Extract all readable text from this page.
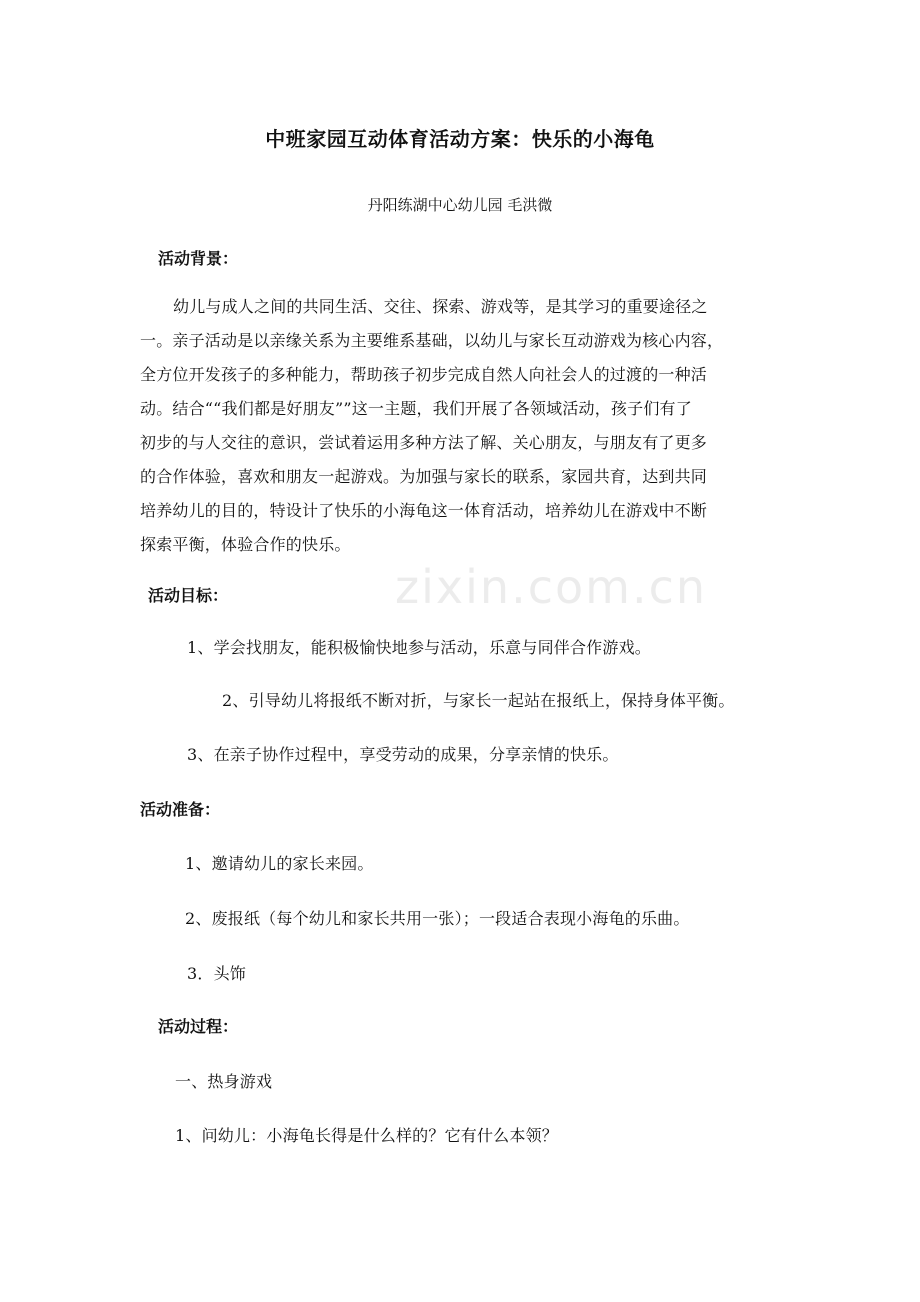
zixin.com.cn
中班家园互动体育活动方案：快乐的小海龟
丹阳练湖中心幼儿园 毛洪微
活动背景：
幼儿与成人之间的共同生活、交往、探索、游戏等，是其学习的重要途径之
一。亲子活动是以亲缘关系为主要维系基础，以幼儿与家长互动游戏为核心内容，
全方位开发孩子的多种能力，帮助孩子初步完成自然人向社会人的过渡的一种活
动。结合““我们都是好朋友””这一主题，我们开展了各领域活动，孩子们有了
初步的与人交往的意识，尝试着运用多种方法了解、关心朋友，与朋友有了更多
的合作体验，喜欢和朋友一起游戏。为加强与家长的联系，家园共育，达到共同
培养幼儿的目的，特设计了快乐的小海龟这一体育活动，培养幼儿在游戏中不断
探索平衡，体验合作的快乐。
活动目标：
1、学会找朋友，能积极愉快地参与活动，乐意与同伴合作游戏。
2、引导幼儿将报纸不断对折，与家长一起站在报纸上，保持身体平衡。
3、在亲子协作过程中，享受劳动的成果，分享亲情的快乐。
活动准备：
1、邀请幼儿的家长来园。
2、废报纸（每个幼儿和家长共用一张）；一段适合表现小海龟的乐曲。
3．头饰
活动过程：
一、热身游戏
1、问幼儿：小海龟长得是什么样的？它有什么本领？
